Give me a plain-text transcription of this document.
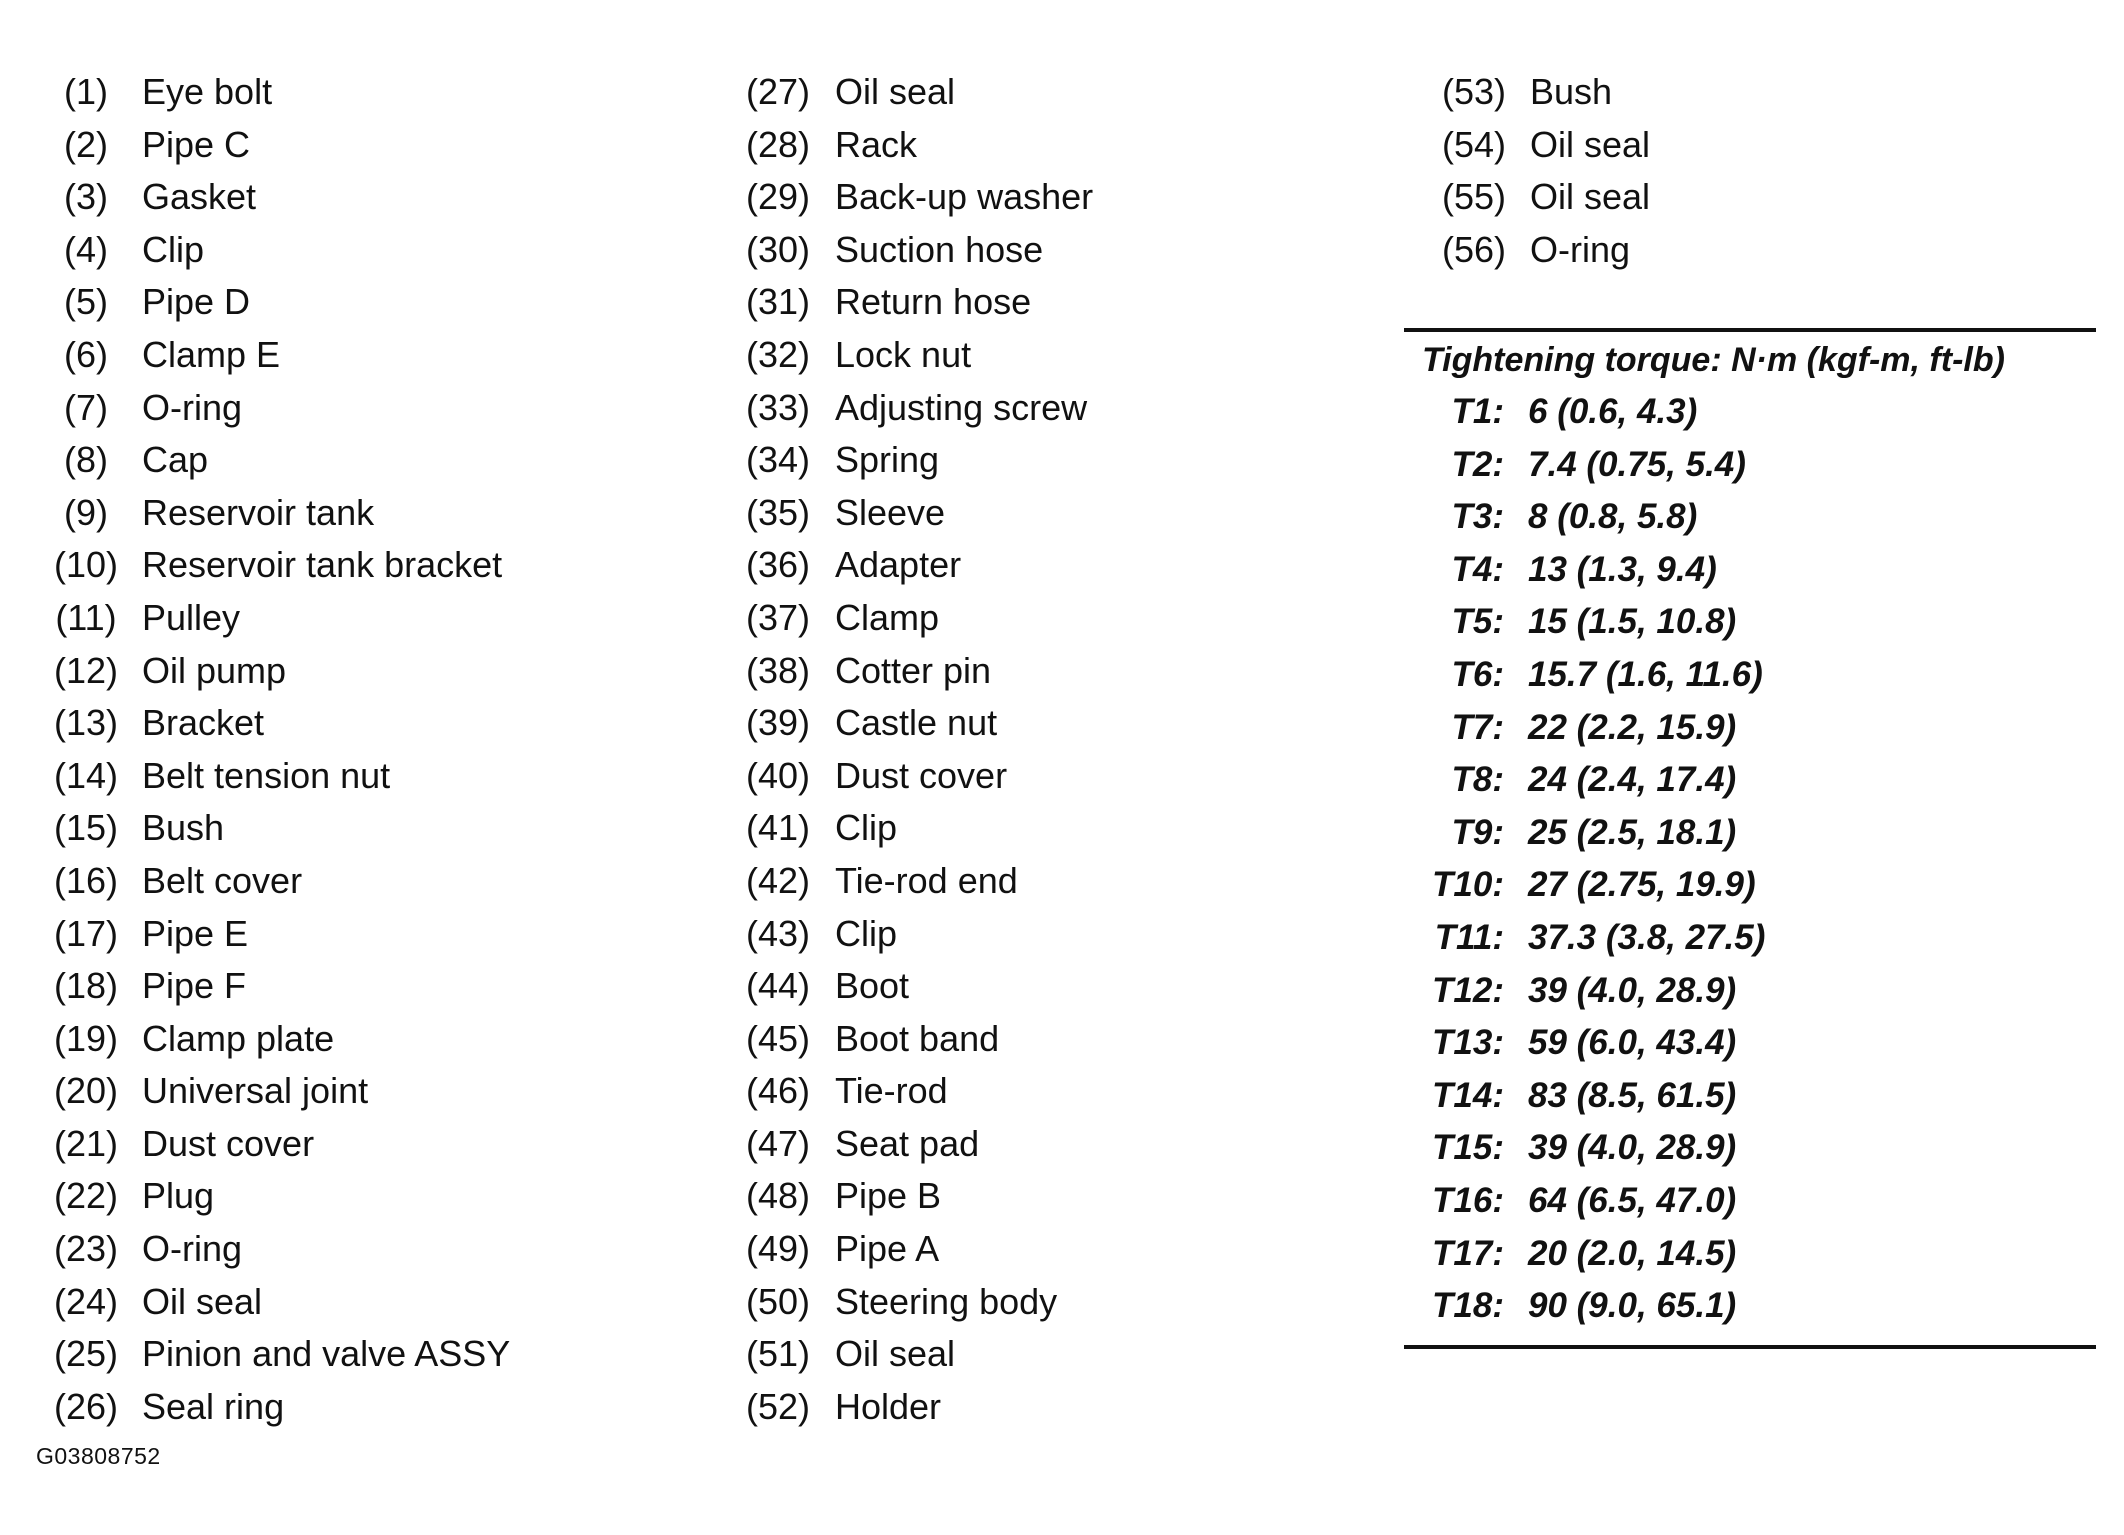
(1) Eye bolt
(2) Pipe C
(3) Gasket
(4) Clip
(5) Pipe D
(6) Clamp E
(7) O-ring
(8) Cap
(9) Reservoir tank
(10) Reservoir tank bracket
(11) Pulley
(12) Oil pump
(13) Bracket
(14) Belt tension nut
(15) Bush
(16) Belt cover
(17) Pipe E
(18) Pipe F
(19) Clamp plate
(20) Universal joint
(21) Dust cover
(22) Plug
(23) O-ring
(24) Oil seal
(25) Pinion and valve ASSY
(26) Seal ring
(27) Oil seal
(28) Rack
(29) Back-up washer
(30) Suction hose
(31) Return hose
(32) Lock nut
(33) Adjusting screw
(34) Spring
(35) Sleeve
(36) Adapter
(37) Clamp
(38) Cotter pin
(39) Castle nut
(40) Dust cover
(41) Clip
(42) Tie-rod end
(43) Clip
(44) Boot
(45) Boot band
(46) Tie-rod
(47) Seat pad
(48) Pipe B
(49) Pipe A
(50) Steering body
(51) Oil seal
(52) Holder
(53) Bush
(54) Oil seal
(55) Oil seal
(56) O-ring
Tightening torque: N·m (kgf-m, ft-lb)
T1: 6 (0.6, 4.3)
T2: 7.4 (0.75, 5.4)
T3: 8 (0.8, 5.8)
T4: 13 (1.3, 9.4)
T5: 15 (1.5, 10.8)
T6: 15.7 (1.6, 11.6)
T7: 22 (2.2, 15.9)
T8: 24 (2.4, 17.4)
T9: 25 (2.5, 18.1)
T10: 27 (2.75, 19.9)
T11: 37.3 (3.8, 27.5)
T12: 39 (4.0, 28.9)
T13: 59 (6.0, 43.4)
T14: 83 (8.5, 61.5)
T15: 39 (4.0, 28.9)
T16: 64 (6.5, 47.0)
T17: 20 (2.0, 14.5)
T18: 90 (9.0, 65.1)
G03808752
